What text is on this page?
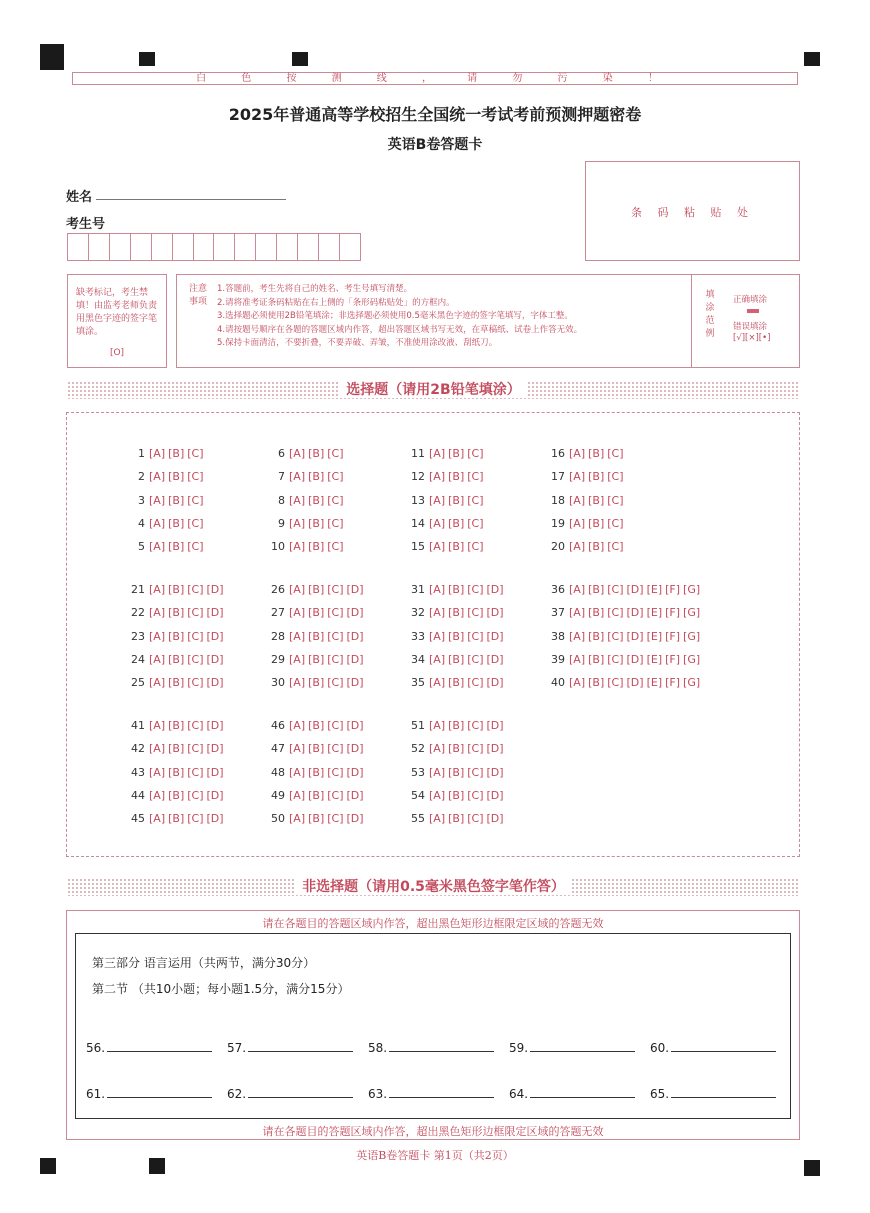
白 色 按 测 线 ， 请 勿 污 染 ！
2025年普通高等学校招生全国统一考试考前预测押题密卷
英语B卷答题卡
姓名
考生号
条 码 粘 贴 处
缺考标记，考生禁填！由监考老师负责用黑色字迹的签字笔填涂。
[O]
注意事项
1.答题前，考生先将自己的姓名、考生号填写清楚。
2.请将准考证条码粘贴在右上侧的「条形码粘贴处」的方框内。
3.选择题必须使用2B铅笔填涂；非选择题必须使用0.5毫米黑色字迹的签字笔填写，字体工整。
4.请按题号顺序在各题的答题区域内作答，超出答题区域书写无效，在草稿纸、试卷上作答无效。
5.保持卡面清洁，不要折叠，不要弄破、弄皱，不准使用涂改液、刮纸刀。
填涂范例
正确填涂
错误填涂
[√][×][•]
选择题（请用2B铅笔填涂）
1 [A] [B] [C]
2 [A] [B] [C]
3 [A] [B] [C]
4 [A] [B] [C]
5 [A] [B] [C]
6 [A] [B] [C]
7 [A] [B] [C]
8 [A] [B] [C]
9 [A] [B] [C]
10 [A] [B] [C]
11 [A] [B] [C]
12 [A] [B] [C]
13 [A] [B] [C]
14 [A] [B] [C]
15 [A] [B] [C]
16 [A] [B] [C]
17 [A] [B] [C]
18 [A] [B] [C]
19 [A] [B] [C]
20 [A] [B] [C]
21 [A] [B] [C] [D]
22 [A] [B] [C] [D]
23 [A] [B] [C] [D]
24 [A] [B] [C] [D]
25 [A] [B] [C] [D]
26 [A] [B] [C] [D]
27 [A] [B] [C] [D]
28 [A] [B] [C] [D]
29 [A] [B] [C] [D]
30 [A] [B] [C] [D]
31 [A] [B] [C] [D]
32 [A] [B] [C] [D]
33 [A] [B] [C] [D]
34 [A] [B] [C] [D]
35 [A] [B] [C] [D]
36 [A] [B] [C] [D] [E] [F] [G]
37 [A] [B] [C] [D] [E] [F] [G]
38 [A] [B] [C] [D] [E] [F] [G]
39 [A] [B] [C] [D] [E] [F] [G]
40 [A] [B] [C] [D] [E] [F] [G]
41 [A] [B] [C] [D]
42 [A] [B] [C] [D]
43 [A] [B] [C] [D]
44 [A] [B] [C] [D]
45 [A] [B] [C] [D]
46 [A] [B] [C] [D]
47 [A] [B] [C] [D]
48 [A] [B] [C] [D]
49 [A] [B] [C] [D]
50 [A] [B] [C] [D]
51 [A] [B] [C] [D]
52 [A] [B] [C] [D]
53 [A] [B] [C] [D]
54 [A] [B] [C] [D]
55 [A] [B] [C] [D]
非选择题（请用0.5毫米黑色签字笔作答）
请在各题目的答题区域内作答，超出黑色矩形边框限定区域的答题无效
第三部分 语言运用（共两节，满分30分）
第二节 （共10小题；每小题1.5分，满分15分）
56.	57.	58.	59.	60.
61.	62.	63.	64.	65.
请在各题目的答题区域内作答，超出黑色矩形边框限定区域的答题无效
英语B卷答题卡 第1页（共2页）
